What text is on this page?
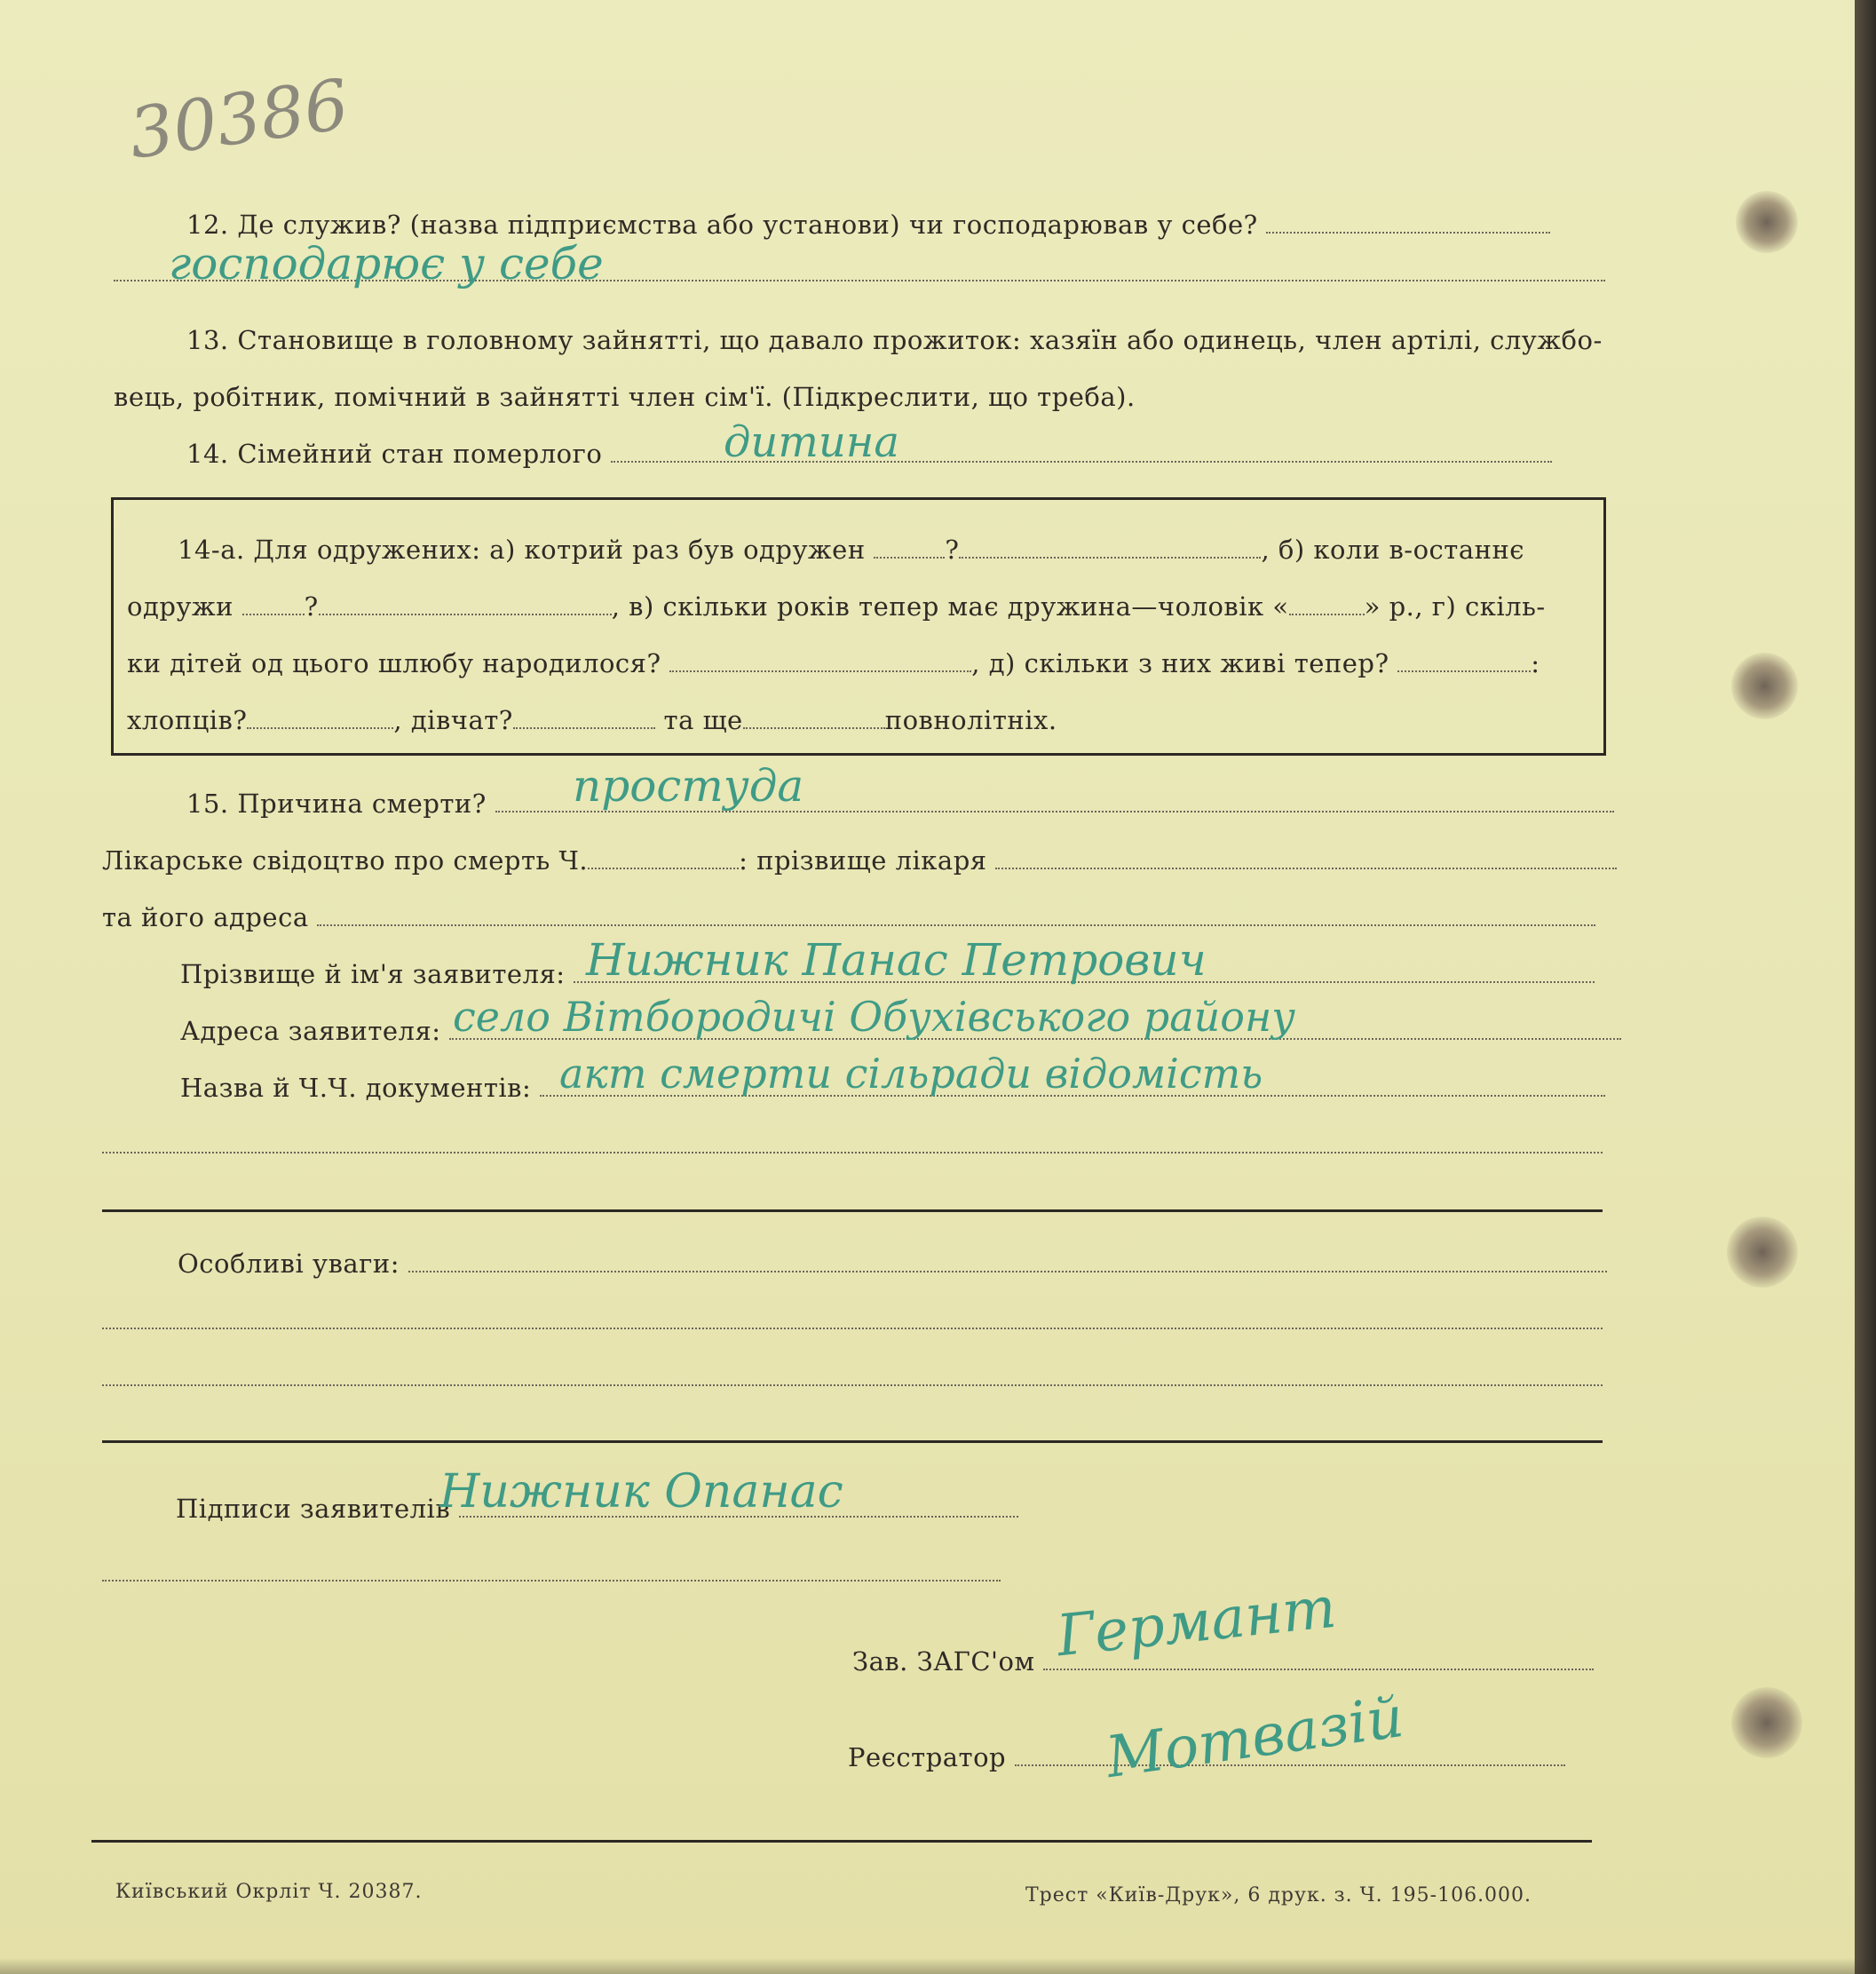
30386
12. Де служив? (назва підприємства або установи) чи господарював у себе?
господарює у себе
13. Становище в головному зайнятті, що давало прожиток: хазяїн або одинець, член артілі, службо-
вець, робітник, помічний в зайнятті член сім'ї. (Підкреслити, що треба).
14. Сімейний стан померлого	дитина
14-а. Для одружених: а) котрий раз був одружен	?	, б) коли в-останнє
одружи	?	, в) скільки років тепер має дружина—чоловік «	» р., г) скіль-
ки дітей од цього шлюбу народилося?	, д) скільки з них живі тепер?	:
хлопців?	, дівчат?	та ще	повнолітніх.
15. Причина смерти?	простуда
Лікарське свідоцтво про смерть Ч.	: прізвище лікаря
та його адреса
Прізвище й ім'я заявителя: Нижник Панас Петрович
Адреса заявителя: село Вітбородичі Обухівського району
Назва й Ч.Ч. документів: акт смерти сільради відомість
Особливі уваги:
Підписи заявителів
Нижник Опанас
Зав. ЗАГС'ом Германт
Реєстратор	Мотвазій
Київський Окрліт Ч. 20387.	Трест «Київ-Друк», 6 друк. з. Ч. 195-106.000.
